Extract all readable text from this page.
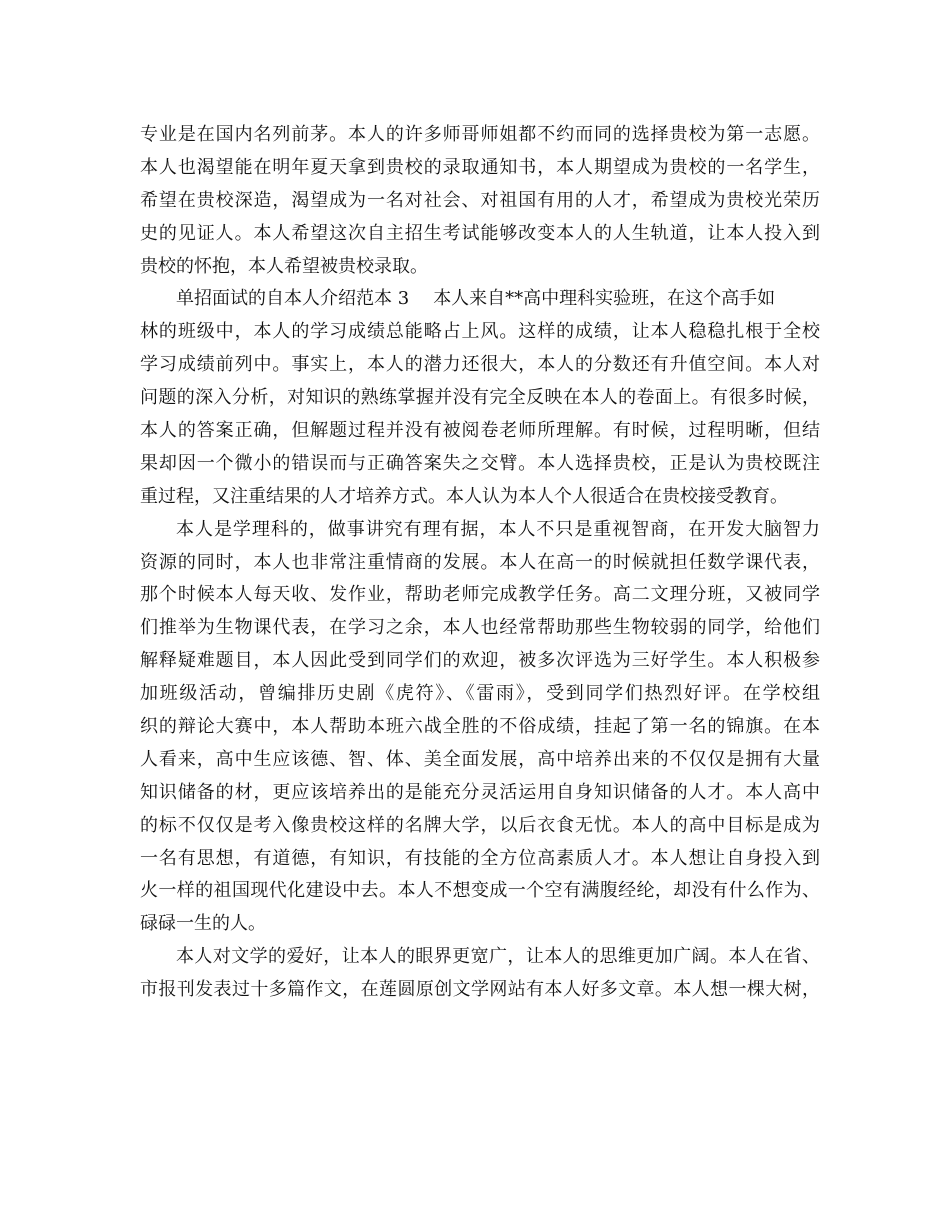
专业是在国内名列前茅。本人的许多师哥师姐都不约而同的选择贵校为第一志愿。
本人也渴望能在明年夏天拿到贵校的录取通知书，本人期望成为贵校的一名学生，
希望在贵校深造，渴望成为一名对社会、对祖国有用的人才，希望成为贵校光荣历
史的见证人。本人希望这次自主招生考试能够改变本人的人生轨道，让本人投入到
贵校的怀抱，本人希望被贵校录取。
单招面试的自本人介绍范本 3 本人来自**高中理科实验班，在这个高手如
林的班级中，本人的学习成绩总能略占上风。这样的成绩，让本人稳稳扎根于全校
学习成绩前列中。事实上，本人的潜力还很大，本人的分数还有升值空间。本人对
问题的深入分析，对知识的熟练掌握并没有完全反映在本人的卷面上。有很多时候，
本人的答案正确，但解题过程并没有被阅卷老师所理解。有时候，过程明晰，但结
果却因一个微小的错误而与正确答案失之交臂。本人选择贵校，正是认为贵校既注
重过程，又注重结果的人才培养方式。本人认为本人个人很适合在贵校接受教育。
本人是学理科的，做事讲究有理有据，本人不只是重视智商，在开发大脑智力
资源的同时，本人也非常注重情商的发展。本人在高一的时候就担任数学课代表，
那个时候本人每天收、发作业，帮助老师完成教学任务。高二文理分班，又被同学
们推举为生物课代表，在学习之余，本人也经常帮助那些生物较弱的同学，给他们
解释疑难题目，本人因此受到同学们的欢迎，被多次评选为三好学生。本人积极参
加班级活动，曾编排历史剧《虎符》、《雷雨》，受到同学们热烈好评。在学校组
织的辩论大赛中，本人帮助本班六战全胜的不俗成绩，挂起了第一名的锦旗。在本
人看来，高中生应该德、智、体、美全面发展，高中培养出来的不仅仅是拥有大量
知识储备的材，更应该培养出的是能充分灵活运用自身知识储备的人才。本人高中
的标不仅仅是考入像贵校这样的名牌大学，以后衣食无忧。本人的高中目标是成为
一名有思想，有道德，有知识，有技能的全方位高素质人才。本人想让自身投入到
火一样的祖国现代化建设中去。本人不想变成一个空有满腹经纶，却没有什么作为、
碌碌一生的人。
本人对文学的爱好，让本人的眼界更宽广，让本人的思维更加广阔。本人在省、
市报刊发表过十多篇作文，在莲圆原创文学网站有本人好多文章。本人想一棵大树，
